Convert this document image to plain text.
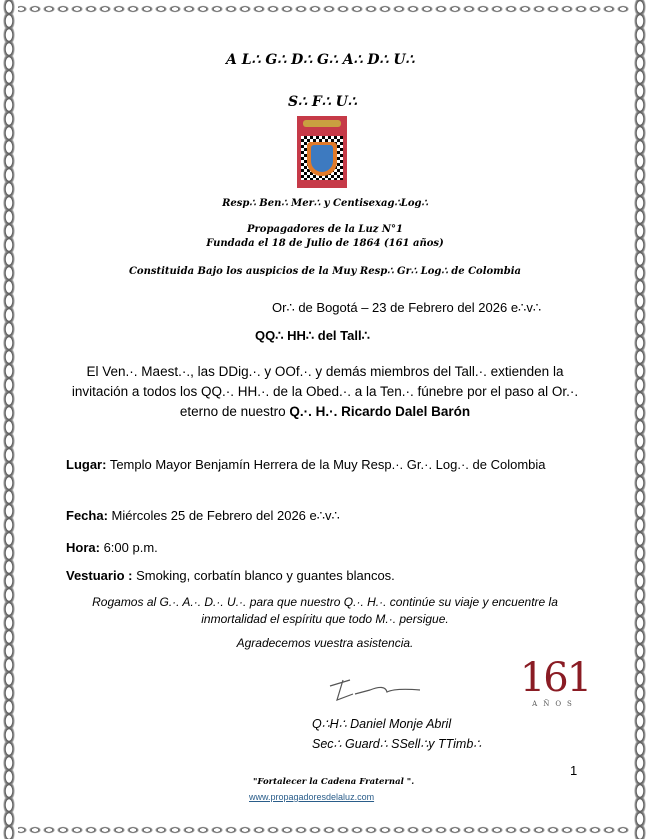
A L∴ G∴ D∴ G∴ A∴ D∴ U∴
S∴ F∴ U∴
Resp∴ Ben∴ Mer∴ y Centisexag∴Log∴
Propagadores de la Luz N°1
Fundada el 18 de Julio de 1864 (161 años)
Constituida Bajo los auspicios de la Muy Resp∴ Gr∴ Log∴ de Colombia
Or∴ de Bogotá – 23 de Febrero del 2026 e∴v∴
QQ∴ HH∴ del Tall∴
El Ven.·. Maest.·., las DDig.·. y OOf.·. y demás miembros del Tall.·. extienden la invitación a todos los QQ.·. HH.·. de la Obed.·. a la Ten.·. fúnebre por el paso al Or.·. eterno de nuestro Q.·. H.·. Ricardo Dalel Barón
Lugar: Templo Mayor Benjamín Herrera de la Muy Resp.·. Gr.·. Log.·. de Colombia
Fecha: Miércoles 25 de Febrero del 2026 e∴v∴
Hora: 6:00 p.m.
Vestuario : Smoking, corbatín blanco y guantes blancos.
Rogamos al G.·. A.·. D.·. U.·. para que nuestro Q.·. H.·. continúe su viaje y encuentre la inmortalidad el espíritu que todo M.·. persigue.
Agradecemos vuestra asistencia.
161
AÑOS
Q∴H∴ Daniel Monje Abril
Sec∴ Guard∴ SSell∴y TTimb∴
1
"Fortalecer la Cadena Fraternal ".
www.propagadoresdelaluz.com
